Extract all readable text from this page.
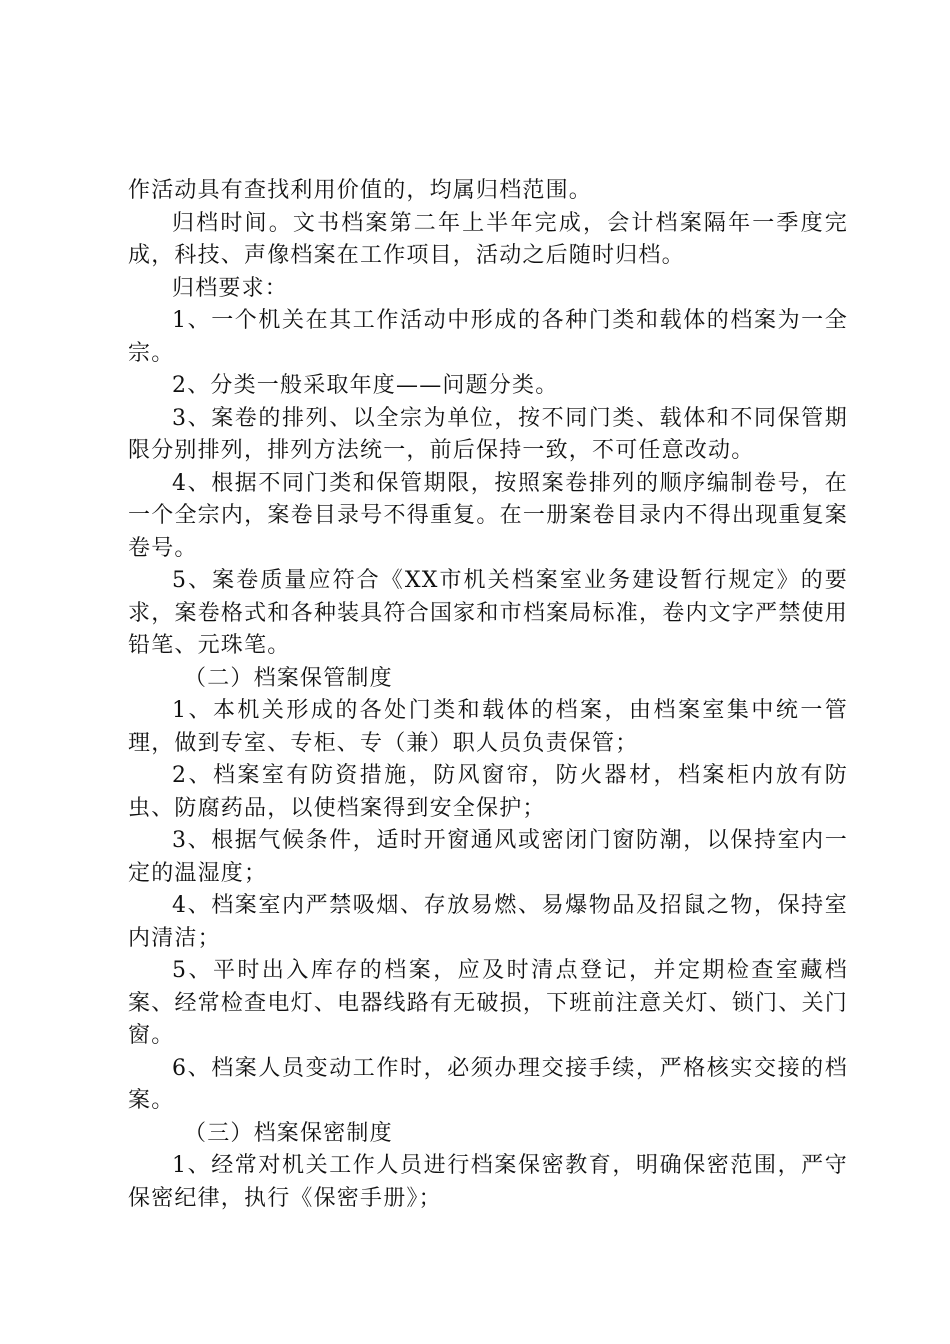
作活动具有查找利用价值的，均属归档范围。

归档时间。文书档案第二年上半年完成，会计档案隔年一季度完成，科技、声像档案在工作项目，活动之后随时归档。

归档要求：

1、一个机关在其工作活动中形成的各种门类和载体的档案为一全宗。

2、分类一般采取年度——问题分类。

3、案卷的排列、以全宗为单位，按不同门类、载体和不同保管期限分别排列，排列方法统一，前后保持一致，不可任意改动。

4、根据不同门类和保管期限，按照案卷排列的顺序编制卷号，在一个全宗内，案卷目录号不得重复。在一册案卷目录内不得出现重复案卷号。

5、案卷质量应符合《XX市机关档案室业务建设暂行规定》的要求，案卷格式和各种装具符合国家和市档案局标准，卷内文字严禁使用铅笔、元珠笔。

（二）档案保管制度

1、本机关形成的各处门类和载体的档案，由档案室集中统一管理，做到专室、专柜、专（兼）职人员负责保管；

2、档案室有防资措施，防风窗帘，防火器材，档案柜内放有防虫、防腐药品，以使档案得到安全保护；

3、根据气候条件，适时开窗通风或密闭门窗防潮，以保持室内一定的温湿度；

4、档案室内严禁吸烟、存放易燃、易爆物品及招鼠之物，保持室内清洁；

5、平时出入库存的档案，应及时清点登记，并定期检查室藏档案、经常检查电灯、电器线路有无破损，下班前注意关灯、锁门、关门窗。

6、档案人员变动工作时，必须办理交接手续，严格核实交接的档案。

（三）档案保密制度

1、经常对机关工作人员进行档案保密教育，明确保密范围，严守保密纪律，执行《保密手册》；
